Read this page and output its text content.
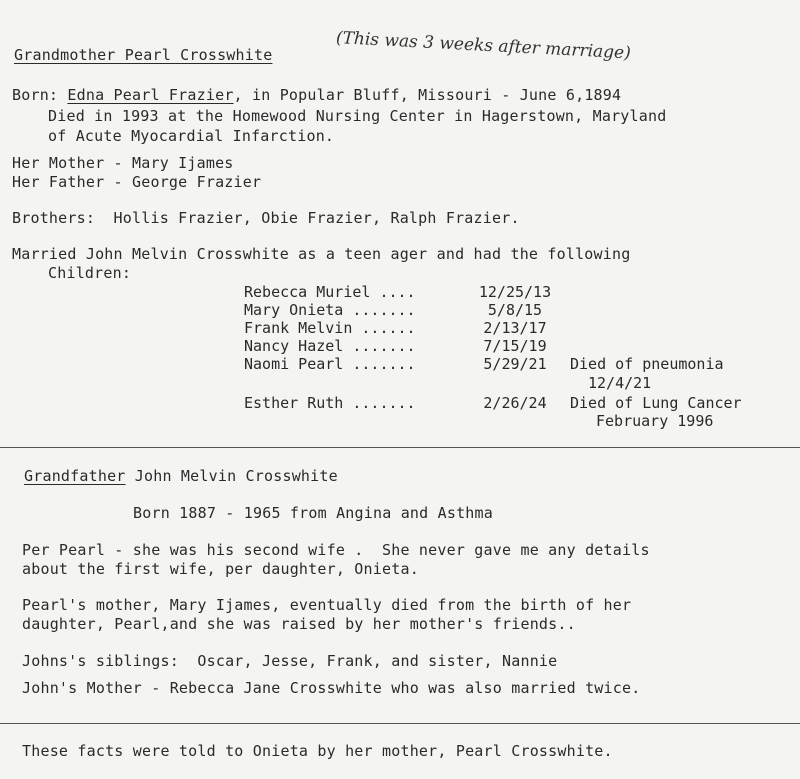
Grandmother Pearl Crosswhite	(This was 3 weeks after marriage)
Born: Edna Pearl Frazier, in Popular Bluff, Missouri - June 6,1894
Died in 1993 at the Homewood Nursing Center in Hagerstown, Maryland
of Acute Myocardial Infarction.
Her Mother - Mary Ijames
Her Father - George Frazier
Brothers:  Hollis Frazier, Obie Frazier, Ralph Frazier.
Married John Melvin Crosswhite as a teen ager and had the following
Children:
Rebecca Muriel ....	12/25/13
Mary Onieta .......	5/8/15
Frank Melvin ......	2/13/17
Nancy Hazel .......	7/15/19
Naomi Pearl .......	5/29/21 Died of pneumonia
12/4/21
Esther Ruth .......	2/26/24 Died of Lung Cancer
February 1996
Grandfather John Melvin Crosswhite
Born 1887 - 1965 from Angina and Asthma
Per Pearl - she was his second wife .  She never gave me any details
about the first wife, per daughter, Onieta.
Pearl's mother, Mary Ijames, eventually died from the birth of her
daughter, Pearl,and she was raised by her mother's friends..
Johns's siblings:  Oscar, Jesse, Frank, and sister, Nannie
John's Mother - Rebecca Jane Crosswhite who was also married twice.
These facts were told to Onieta by her mother, Pearl Crosswhite.
